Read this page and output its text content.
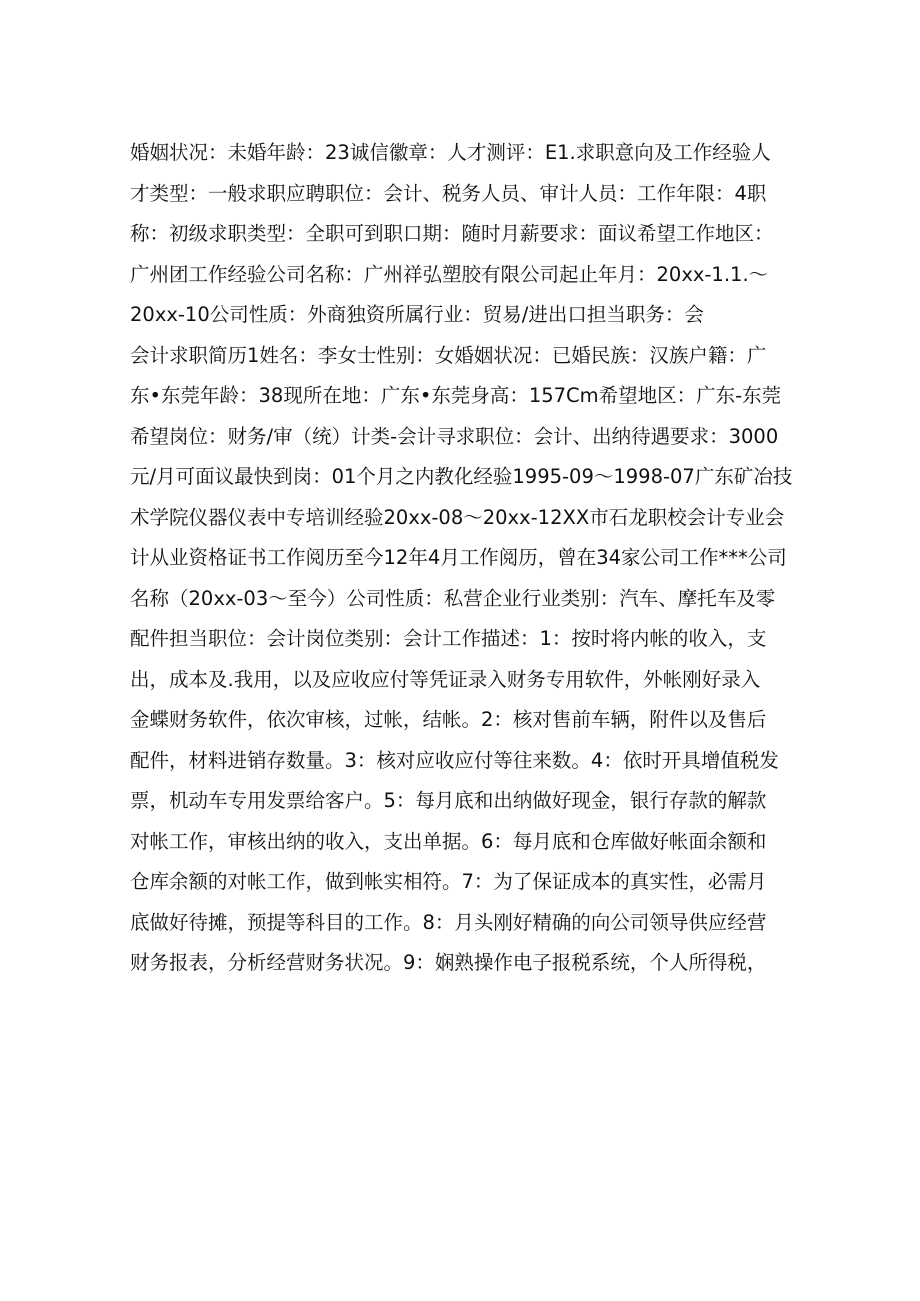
婚姻状况：未婚年龄：23诚信徽章：人才测评：E1.求职意向及工作经验人
才类型：一般求职应聘职位：会计、税务人员、审计人员：工作年限：4职
称：初级求职类型：全职可到职口期：随时月薪要求：面议希望工作地区：
广州团工作经验公司名称：广州祥弘塑胶有限公司起止年月：20xx-1.1.～
20xx-10公司性质：外商独资所属行业：贸易/进出口担当职务：会
会计求职简历1姓名：李女士性别：女婚姻状况：已婚民族：汉族户籍：广
东•东莞年龄：38现所在地：广东•东莞身高：157Cm希望地区：广东-东莞
希望岗位：财务/审（统）计类-会计寻求职位：会计、出纳待遇要求：3000
元/月可面议最快到岗：01个月之内教化经验1995-09～1998-07广东矿冶技
术学院仪器仪表中专培训经验20xx-08～20xx-12XX市石龙职校会计专业会
计从业资格证书工作阅历至今12年4月工作阅历，曾在34家公司工作***公司
名称（20xx-03～至今）公司性质：私营企业行业类别：汽车、摩托车及零
配件担当职位：会计岗位类别：会计工作描述：1：按时将内帐的收入，支
出，成本及.我用，以及应收应付等凭证录入财务专用软件，外帐刚好录入
金蝶财务软件，依次审核，过帐，结帐。2：核对售前车辆，附件以及售后
配件，材料进销存数量。3：核对应收应付等往来数。4：依时开具增值税发
票，机动车专用发票给客户。5：每月底和出纳做好现金，银行存款的解款
对帐工作，审核出纳的收入，支出单据。6：每月底和仓库做好帐面余额和
仓库余额的对帐工作，做到帐实相符。7：为了保证成本的真实性，必需月
底做好待摊，预提等科目的工作。8：月头刚好精确的向公司领导供应经营
财务报表，分析经营财务状况。9：娴熟操作电子报税系统，个人所得税，
